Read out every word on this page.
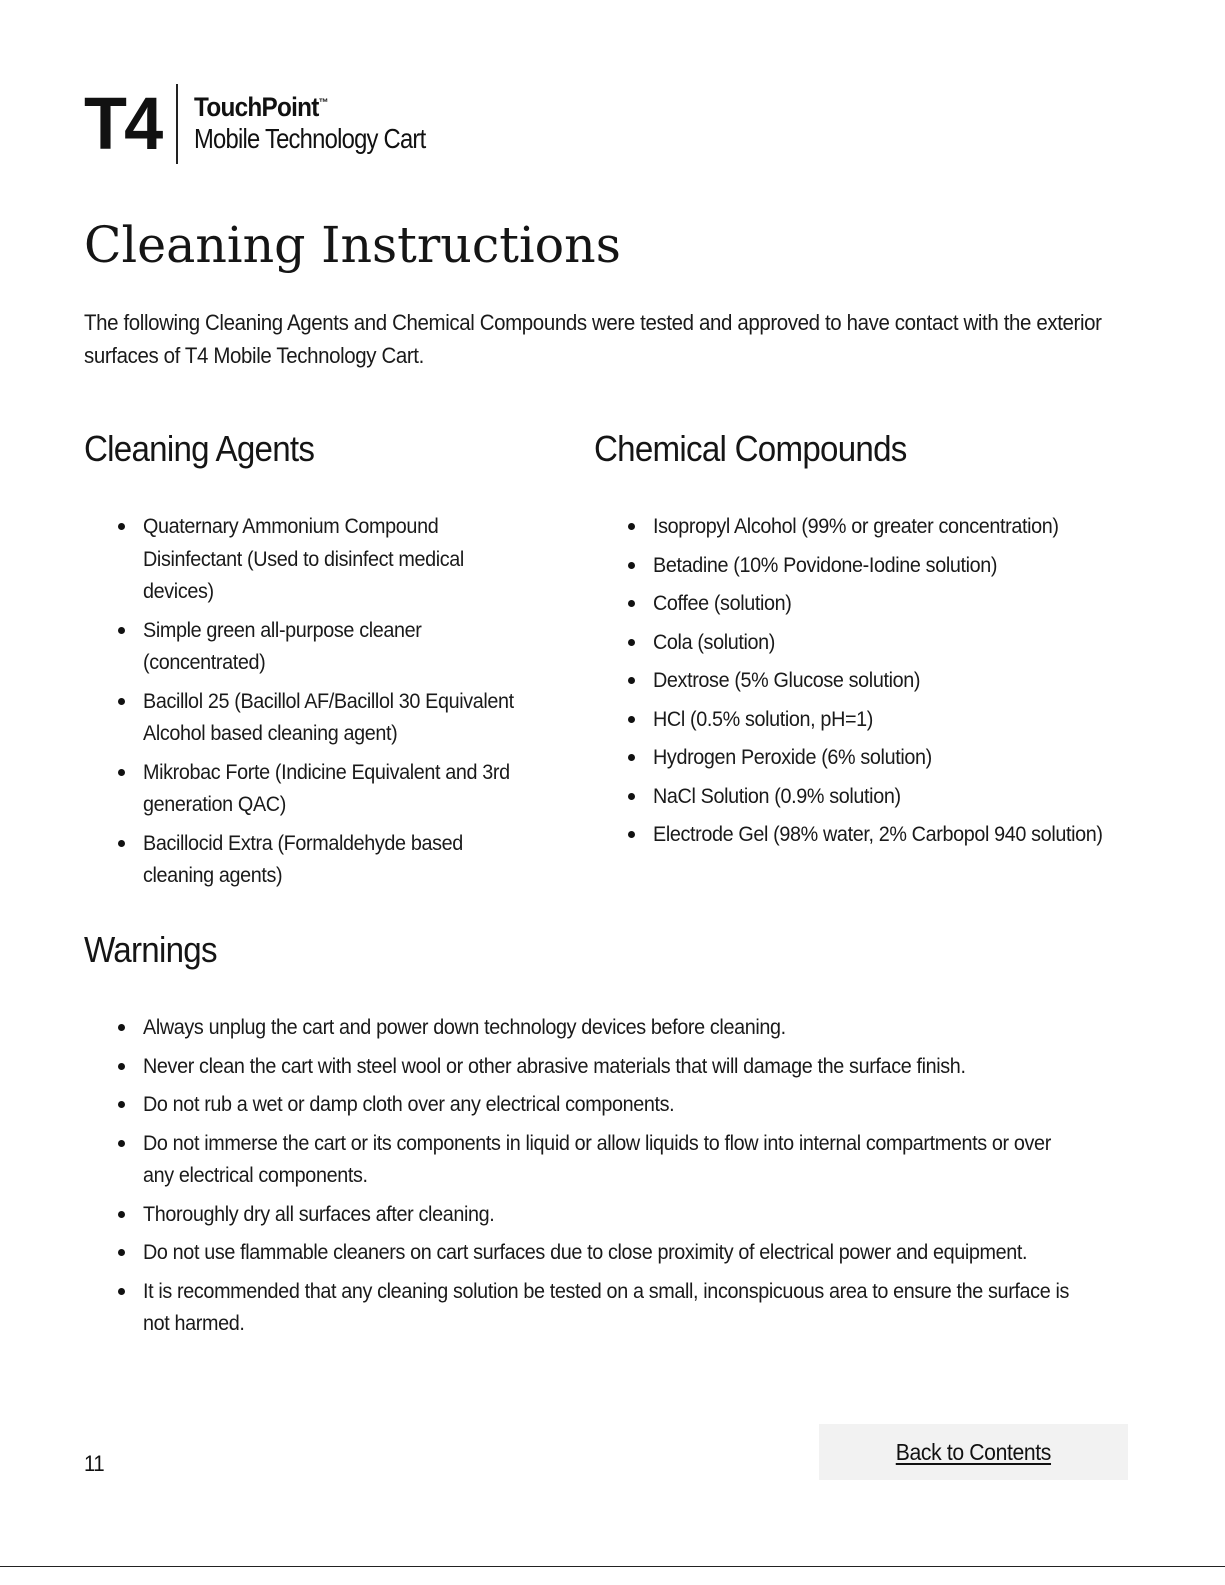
T4 TouchPoint™
Mobile Technology Cart
Cleaning Instructions

The following Cleaning Agents and Chemical Compounds were tested and approved to have contact with the exterior surfaces of T4 Mobile Technology Cart.

Cleaning Agents
Quaternary Ammonium Compound Disinfectant (Used to disinfect medical devices)
Simple green all-purpose cleaner (concentrated)
Bacillol 25 (Bacillol AF/Bacillol 30 Equivalent Alcohol based cleaning agent)
Mikrobac Forte (Indicine Equivalent and 3rd generation QAC)
Bacillocid Extra (Formaldehyde based cleaning agents)
Chemical Compounds
Isopropyl Alcohol (99% or greater concentration)
Betadine (10% Povidone-Iodine solution)
Coffee (solution)
Cola (solution)
Dextrose (5% Glucose solution)
HCl (0.5% solution, pH=1)
Hydrogen Peroxide (6% solution)
NaCl Solution (0.9% solution)
Electrode Gel (98% water, 2% Carbopol 940 solution)
Warnings
Always unplug the cart and power down technology devices before cleaning.
Never clean the cart with steel wool or other abrasive materials that will damage the surface finish.
Do not rub a wet or damp cloth over any electrical components.
Do not immerse the cart or its components in liquid or allow liquids to flow into internal compartments or over any electrical components.
Thoroughly dry all surfaces after cleaning.
Do not use flammable cleaners on cart surfaces due to close proximity of electrical power and equipment.
It is recommended that any cleaning solution be tested on a small, inconspicuous area to ensure the surface is not harmed.
11	Back to Contents
